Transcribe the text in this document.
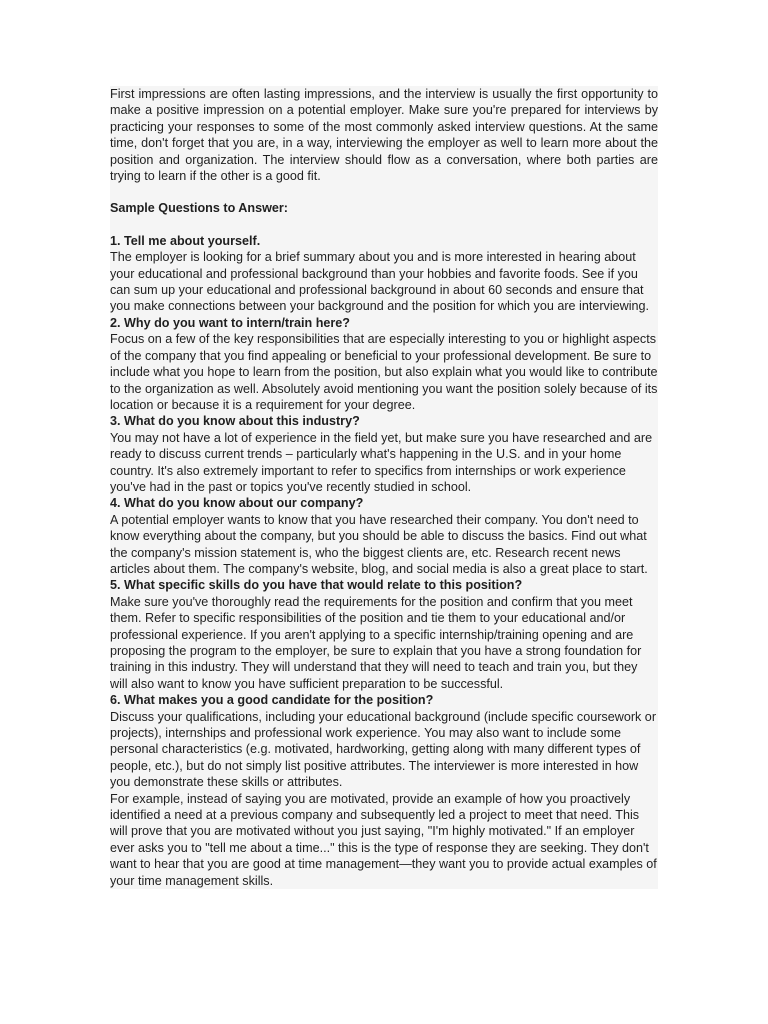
First impressions are often lasting impressions, and the interview is usually the first opportunity to make a positive impression on a potential employer. Make sure you're prepared for interviews by practicing your responses to some of the most commonly asked interview questions. At the same time, don't forget that you are, in a way, interviewing the employer as well to learn more about the position and organization. The interview should flow as a conversation, where both parties are trying to learn if the other is a good fit.

Sample Questions to Answer:

1. Tell me about yourself.

The employer is looking for a brief summary about you and is more interested in hearing about your educational and professional background than your hobbies and favorite foods. See if you can sum up your educational and professional background in about 60 seconds and ensure that you make connections between your background and the position for which you are interviewing.

2. Why do you want to intern/train here?

Focus on a few of the key responsibilities that are especially interesting to you or highlight aspects of the company that you find appealing or beneficial to your professional development. Be sure to include what you hope to learn from the position, but also explain what you would like to contribute to the organization as well. Absolutely avoid mentioning you want the position solely because of its location or because it is a requirement for your degree.

3. What do you know about this industry?

You may not have a lot of experience in the field yet, but make sure you have researched and are ready to discuss current trends – particularly what's happening in the U.S. and in your home country. It's also extremely important to refer to specifics from internships or work experience you've had in the past or topics you've recently studied in school.

4. What do you know about our company?

A potential employer wants to know that you have researched their company. You don't need to know everything about the company, but you should be able to discuss the basics. Find out what the company's mission statement is, who the biggest clients are, etc. Research recent news articles about them. The company's website, blog, and social media is also a great place to start.

5. What specific skills do you have that would relate to this position?

Make sure you've thoroughly read the requirements for the position and confirm that you meet them. Refer to specific responsibilities of the position and tie them to your educational and/or professional experience. If you aren't applying to a specific internship/training opening and are proposing the program to the employer, be sure to explain that you have a strong foundation for training in this industry. They will understand that they will need to teach and train you, but they will also want to know you have sufficient preparation to be successful.

6. What makes you a good candidate for the position?

Discuss your qualifications, including your educational background (include specific coursework or projects), internships and professional work experience. You may also want to include some personal characteristics (e.g. motivated, hardworking, getting along with many different types of people, etc.), but do not simply list positive attributes. The interviewer is more interested in how you demonstrate these skills or attributes.

For example, instead of saying you are motivated, provide an example of how you proactively identified a need at a previous company and subsequently led a project to meet that need. This will prove that you are motivated without you just saying, "I'm highly motivated." If an employer ever asks you to "tell me about a time..." this is the type of response they are seeking. They don't want to hear that you are good at time management—they want you to provide actual examples of your time management skills.
